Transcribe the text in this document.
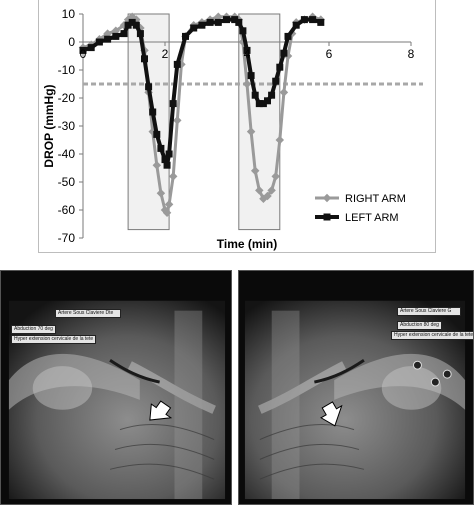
10
0
-10
-20
-30
-40
-50
-60
-70
0	2	4	6	8
Time (min)
DROP (mmHg)
RIGHT ARM
LEFT ARM
Artere Sous Claviere Dte
Abduction 70 deg
Hyper extension cervicale de la tete
Artere Sous Claviere G
Abduction 80 deg
Hyper extension cervicale de la tete
